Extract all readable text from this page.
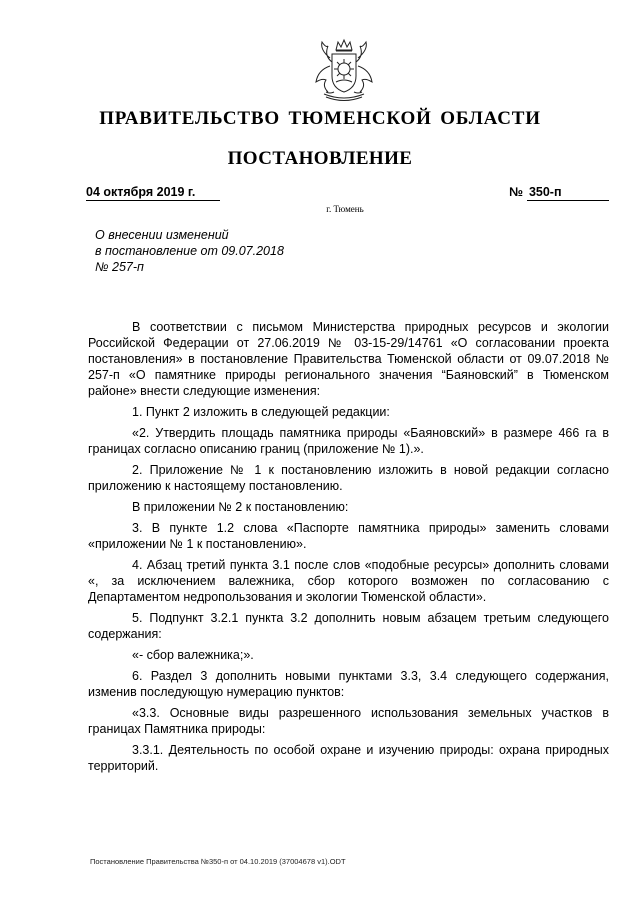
ПРАВИТЕЛЬСТВО ТЮМЕНСКОЙ ОБЛАСТИ
ПОСТАНОВЛЕНИЕ
04 октября 2019 г.	№ 350-п
г. Тюмень
О внесении изменений
в постановление от 09.07.2018
№ 257-п

В соответствии с письмом Министерства природных ресурсов и экологии Российской Федерации от 27.06.2019 № 03-15-29/14761 «О согласовании проекта постановления» в постановление Правительства Тюменской области от 09.07.2018 № 257-п «О памятнике природы регионального значения “Баяновский” в Тюменском районе» внести следующие изменения:

1. Пункт 2 изложить в следующей редакции:

«2. Утвердить площадь памятника природы «Баяновский» в размере 466 га в границах согласно описанию границ (приложение № 1).».

2. Приложение № 1 к постановлению изложить в новой редакции согласно приложению к настоящему постановлению.

В приложении № 2 к постановлению:

3. В пункте 1.2 слова «Паспорте памятника природы» заменить словами «приложении № 1 к постановлению».

4. Абзац третий пункта 3.1 после слов «подобные ресурсы» дополнить словами «, за исключением валежника, сбор которого возможен по согласованию с Департаментом недропользования и экологии Тюменской области».

5. Подпункт 3.2.1 пункта 3.2 дополнить новым абзацем третьим следующего содержания:

«- сбор валежника;».

6. Раздел 3 дополнить новыми пунктами 3.3, 3.4 следующего содержания, изменив последующую нумерацию пунктов:

«3.3. Основные виды разрешенного использования земельных участков в границах Памятника природы:

3.3.1. Деятельность по особой охране и изучению природы: охрана природных территорий.

Постановление Правительства №350-п от 04.10.2019 (37004678 v1).ODT
